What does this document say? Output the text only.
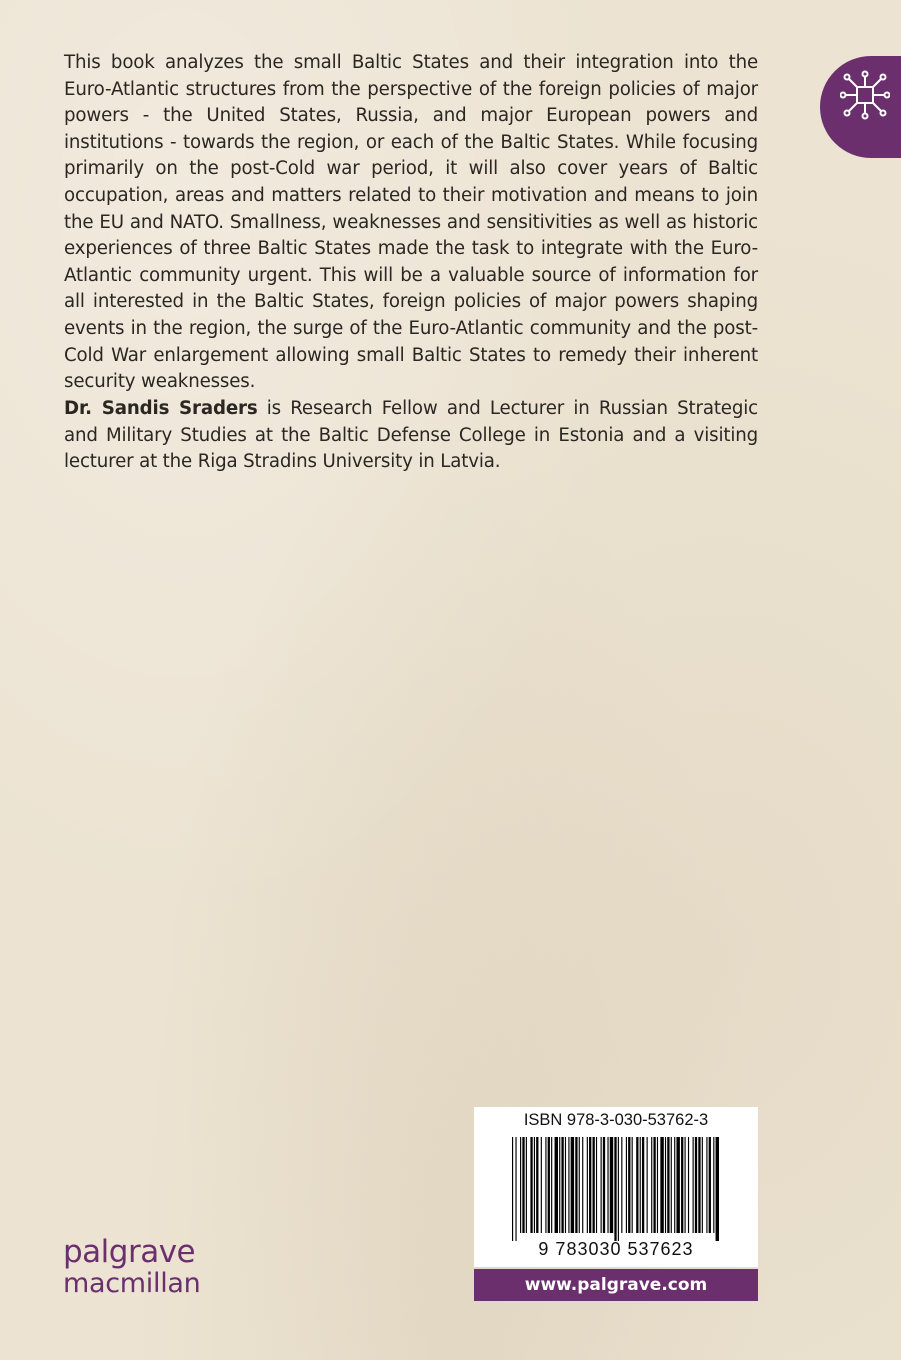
This book analyzes the small Baltic States and their integration into the Euro-Atlantic structures from the perspective of the foreign policies of major powers - the United States, Russia, and major European powers and institutions - towards the region, or each of the Baltic States. While focusing primarily on the post-Cold war period, it will also cover years of Baltic occupation, areas and matters related to their motivation and means to join the EU and NATO. Smallness, weaknesses and sensitivities as well as historic experiences of three Baltic States made the task to integrate with the Euro-Atlantic community urgent. This will be a valuable source of information for all interested in the Baltic States, foreign policies of major powers shaping events in the region, the surge of the Euro-Atlantic community and the post-Cold War enlargement allowing small Baltic States to remedy their inherent security weaknesses.

Dr. Sandis Sraders is Research Fellow and Lecturer in Russian Strategic and Military Studies at the Baltic Defense College in Estonia and a visiting lecturer at the Riga Stradins University in Latvia.

ISBN 978-3-030-53762-3
9 783030 537623
www.palgrave.com
palgrave
macmillan
